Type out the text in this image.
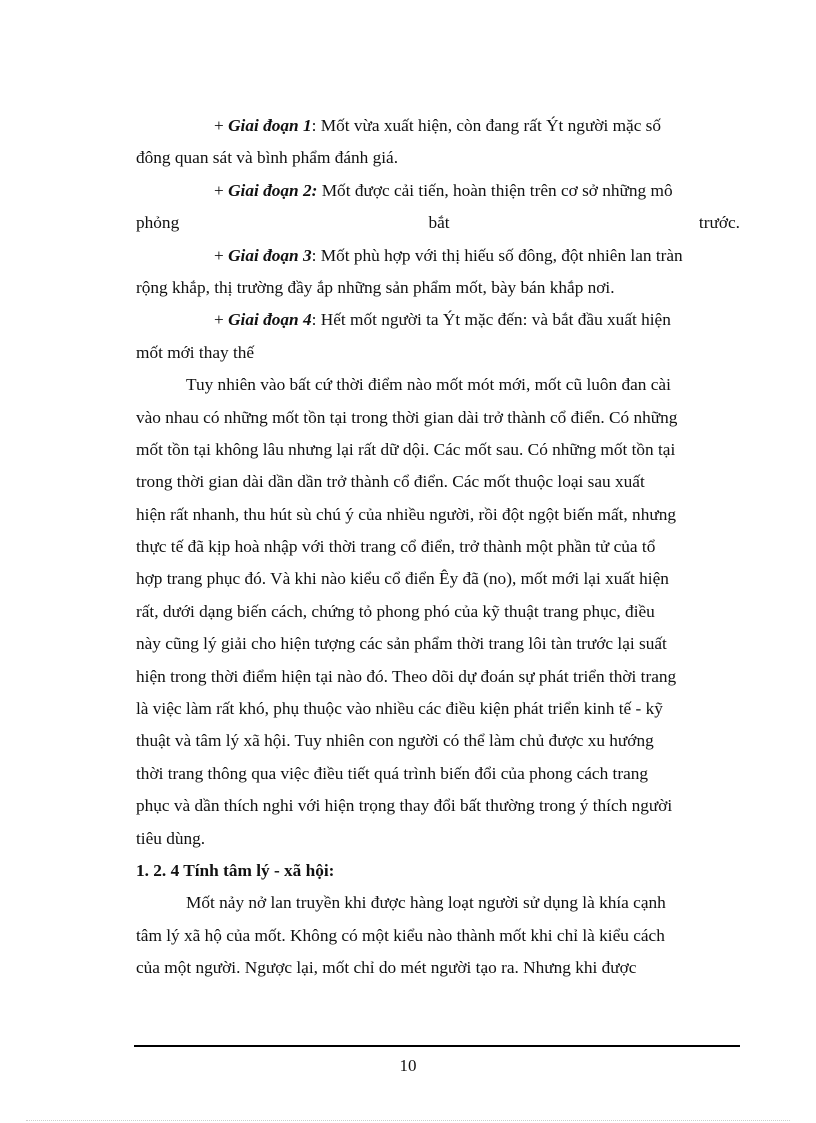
+ Giai đoạn 1: Mốt vừa xuất hiện, còn đang rất Ýt người mặc số
đông quan sát và bình phẩm đánh giá.
+ Giai đoạn 2: Mốt được cải tiến, hoàn thiện trên cơ sở những mô
phỏng	bắt	trước.
+ Giai đoạn 3: Mốt phù hợp với thị hiếu số đông, đột nhiên lan tràn
rộng khắp, thị trường đầy ắp những sản phẩm mốt, bày bán khắp nơi.
+ Giai đoạn 4: Hết mốt người ta Ýt mặc đến: và bắt đầu xuất hiện
mốt mới thay thế
Tuy nhiên vào bất cứ thời điểm nào mốt mót mới, mốt cũ luôn đan cài
vào nhau có những mốt tồn tại trong thời gian dài trở thành cổ điển. Có những
mốt tồn tại không lâu nhưng lại rất dữ dội. Các mốt sau. Có những mốt tồn tại
trong thời gian dài dần dần trở thành cổ điển. Các mốt thuộc loại sau xuất
hiện rất nhanh, thu hút sù chú ý của nhiều người, rồi đột ngột biến mất, nhưng
thực tế đã kịp hoà nhập với thời trang cổ điển, trở thành một phần tử của tổ
hợp trang phục đó. Và khi nào kiểu cổ điển Êy đã (no), mốt mới lại xuất hiện
rất, dưới dạng biến cách, chứng tỏ phong phó của kỹ thuật trang phục, điều
này cũng lý giải cho hiện tượng các sản phẩm thời trang lôi tàn trước lại suất
hiện trong thời điểm hiện tại nào đó. Theo dõi dự đoán sự phát triển thời trang
là việc làm rất khó, phụ thuộc vào nhiều các điều kiện phát triển kinh tế - kỹ
thuật và tâm lý xã hội. Tuy nhiên con người có thể làm chủ được xu hướng
thời trang thông qua việc điều tiết quá trình biến đổi của phong cách trang
phục và dần thích nghi với hiện trọng thay đổi bất thường trong ý thích người
tiêu dùng.
1. 2. 4 Tính tâm lý - xã hội:
Mốt nảy nở lan truyền khi được hàng loạt người sử dụng là khía cạnh
tâm lý xã hộ của mốt. Không có một kiểu nào thành mốt khi chỉ là kiểu cách
của một người. Ngược lại, mốt chỉ do mét người tạo ra. Nhưng khi được
10
